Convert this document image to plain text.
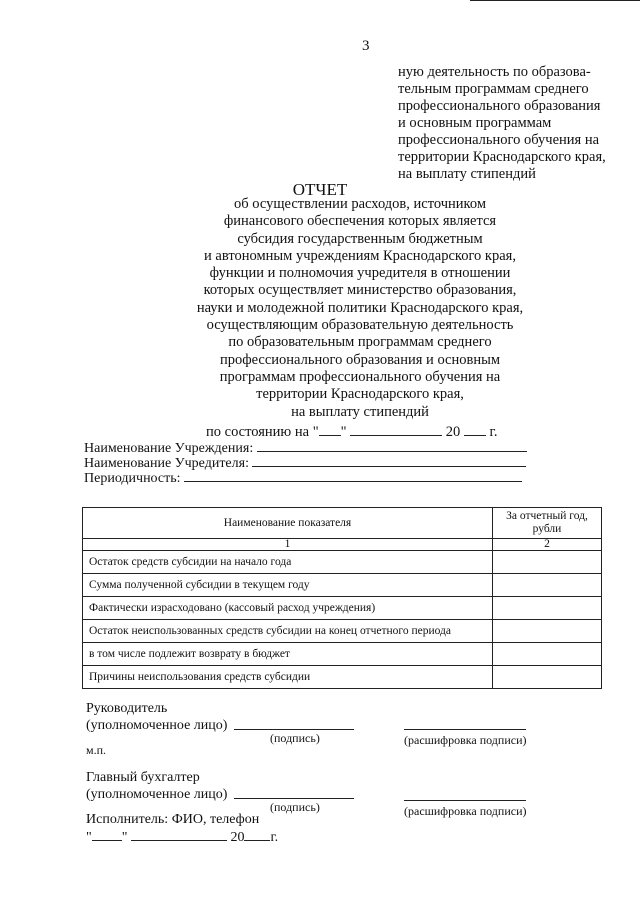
3
ную деятельность по образова-
тельным программам среднего
профессионального образования
и основным программам
профессионального обучения на
территории Краснодарского края,
на выплату стипендий
ОТЧЕТ
об осуществлении расходов, источником
финансового обеспечения которых является
субсидия государственным бюджетным
и автономным учреждениям Краснодарского края,
функции и полномочия учредителя в отношении
которых осуществляет министерство образования,
науки и молодежной политики Краснодарского края,
осуществляющим образовательную деятельность
по образовательным программам среднего
профессионального образования и основным
программам профессионального обучения на
территории Краснодарского края,
на выплату стипендий
по состоянию на " "	20 г.
Наименование Учреждения:
Наименование Учредителя:
Периодичность:
Наименование показателя	За отчетный год,
рубли

1	2
Остаток средств субсидии на начало года	
Сумма полученной субсидии в текущем году	
Фактически израсходовано (кассовый расход учреждения)	
Остаток неиспользованных средств субсидии на конец отчетного периода	
в том числе подлежит возврату в бюджет	
Причины неиспользования средств субсидии	
Руководитель
(уполномоченное лицо)
(подпись)	(расшифровка подписи)
м.п.
Главный бухгалтер
(уполномоченное лицо)
(подпись)	(расшифровка подписи)
Исполнитель: ФИО, телефон
" "	20 г.
